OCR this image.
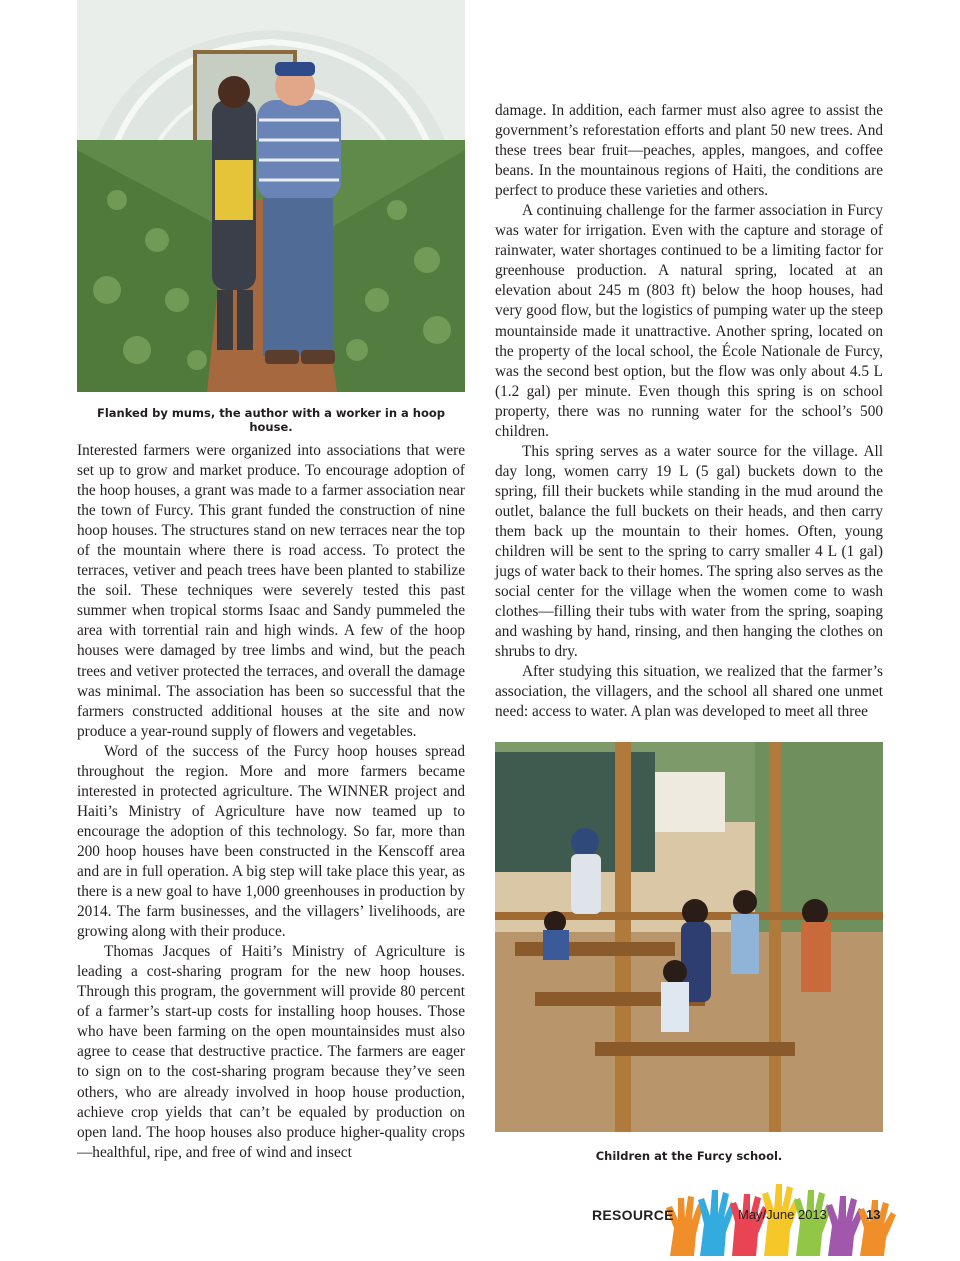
Flanked by mums, the author with a worker in a hoop house.

Interested farmers were organized into associations that were set up to grow and market produce. To encourage adoption of the hoop houses, a grant was made to a farmer association near the town of Furcy. This grant funded the construction of nine hoop houses. The structures stand on new terraces near the top of the mountain where there is road access. To protect the terraces, vetiver and peach trees have been planted to stabilize the soil. These techniques were severely tested this past summer when tropical storms Isaac and Sandy pummeled the area with torrential rain and high winds. A few of the hoop houses were damaged by tree limbs and wind, but the peach trees and vetiver protected the terraces, and overall the damage was minimal. The association has been so successful that the farmers constructed additional houses at the site and now produce a year-round supply of flowers and vegetables.

Word of the success of the Furcy hoop houses spread throughout the region. More and more farmers became interested in protected agriculture. The WINNER project and Haiti’s Ministry of Agriculture have now teamed up to encourage the adoption of this technology. So far, more than 200 hoop houses have been constructed in the Kenscoff area and are in full operation. A big step will take place this year, as there is a new goal to have 1,000 greenhouses in production by 2014. The farm businesses, and the villagers’ livelihoods, are growing along with their produce.

Thomas Jacques of Haiti’s Ministry of Agriculture is leading a cost-sharing program for the new hoop houses. Through this program, the government will provide 80 percent of a farmer’s start-up costs for installing hoop houses. Those who have been farming on the open mountainsides must also agree to cease that destructive practice. The farmers are eager to sign on to the cost-sharing program because they’ve seen others, who are already involved in hoop house production, achieve crop yields that can’t be equaled by production on open land. The hoop houses also produce higher-quality crops—healthful, ripe, and free of wind and insect

damage. In addition, each farmer must also agree to assist the government’s reforestation efforts and plant 50 new trees. And these trees bear fruit—peaches, apples, mangoes, and coffee beans. In the mountainous regions of Haiti, the conditions are perfect to produce these varieties and others.

A continuing challenge for the farmer association in Furcy was water for irrigation. Even with the capture and storage of rainwater, water shortages continued to be a limiting factor for greenhouse production. A natural spring, located at an elevation about 245 m (803 ft) below the hoop houses, had very good flow, but the logistics of pumping water up the steep mountainside made it unattractive. Another spring, located on the property of the local school, the École Nationale de Furcy, was the second best option, but the flow was only about 4.5 L (1.2 gal) per minute. Even though this spring is on school property, there was no running water for the school’s 500 children.

This spring serves as a water source for the village. All day long, women carry 19 L (5 gal) buckets down to the spring, fill their buckets while standing in the mud around the outlet, balance the full buckets on their heads, and then carry them back up the mountain to their homes. Often, young children will be sent to the spring to carry smaller 4 L (1 gal) jugs of water back to their homes. The spring also serves as the social center for the village when the women come to wash clothes—filling their tubs with water from the spring, soaping and washing by hand, rinsing, and then hanging the clothes on shrubs to dry.

After studying this situation, we realized that the farmer’s association, the villagers, and the school all shared one unmet need: access to water. A plan was developed to meet all three

Children at the Furcy school.
RESOURCE	May/June 2013	13
